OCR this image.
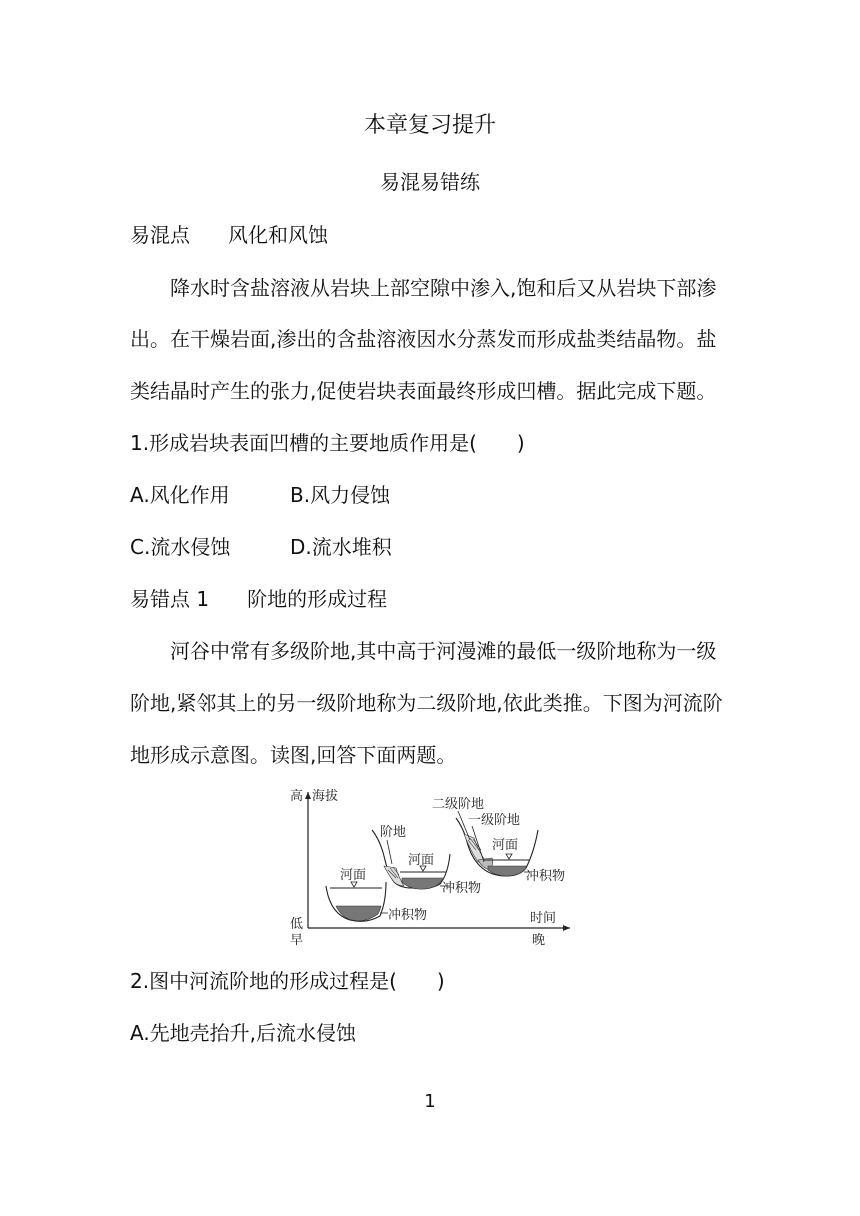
本章复习提升
易混易错练
易混点 风化和风蚀
降水时含盐溶液从岩块上部空隙中渗入,饱和后又从岩块下部渗
出。在干燥岩面,渗出的含盐溶液因水分蒸发而形成盐类结晶物。盐
类结晶时产生的张力,促使岩块表面最终形成凹槽。据此完成下题。
1.形成岩块表面凹槽的主要地质作用是(　　)
A.风化作用	B.风力侵蚀
C.流水侵蚀	D.流水堆积
易错点 1 阶地的形成过程
河谷中常有多级阶地,其中高于河漫滩的最低一级阶地称为一级
阶地,紧邻其上的另一级阶地称为二级阶地,依此类推。下图为河流阶
地形成示意图。读图,回答下面两题。
高 海拔
低
早
时间
晚
河面
冲积物
阶地
河面
冲积物
二级阶地
一级阶地
河面
冲积物
2.图中河流阶地的形成过程是(　　)
A.先地壳抬升,后流水侵蚀
1
